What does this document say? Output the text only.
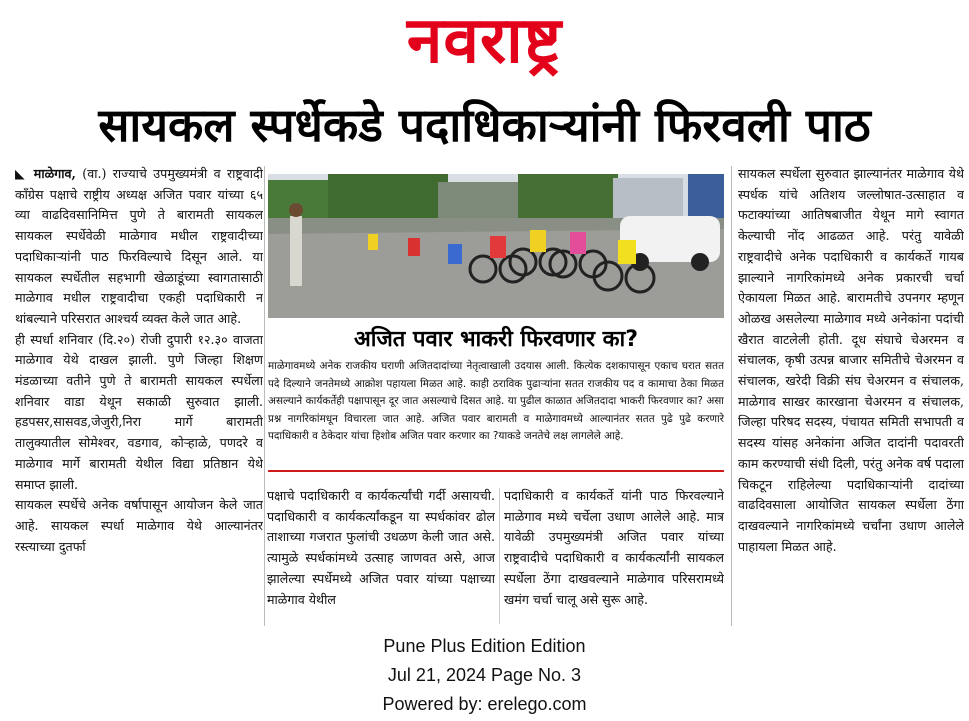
नवराष्ट्र
सायकल स्पर्धेकडे पदाधिकाऱ्यांनी फिरवली पाठ

◣ माळेगाव, (वा.) राज्याचे उपमुख्यमंत्री व राष्ट्रवादी काँग्रेस पक्षाचे राष्ट्रीय अध्यक्ष अजित पवार यांच्या ६५ व्या वाढदिवसानिमित्त पुणे ते बारामती सायकल सायकल स्पर्धेवेळी माळेगाव मधील राष्ट्रवादीच्या पदाधिकाऱ्यांनी पाठ फिरविल्याचे दिसून आले. या सायकल स्पर्धेतील सहभागी खेळाडूंच्या स्वागतासाठी माळेगाव मधील राष्ट्रवादीचा एकही पदाधिकारी न थांबल्याने परिसरात आश्चर्य व्यक्त केले जात आहे.

ही स्पर्धा शनिवार (दि.२०) रोजी दुपारी १२.३० वाजता माळेगाव येथे दाखल झाली. पुणे जिल्हा शिक्षण मंडळाच्या वतीने पुणे ते बारामती सायकल स्पर्धेला शनिवार वाडा येथून सकाळी सुरुवात झाली. हडपसर,सासवड,जेजुरी,निरा मार्गे बारामती तालुक्यातील सोमेश्वर, वडगाव, कोऱ्हाळे, पणदरे व माळेगाव मार्गे बारामती येथील विद्या प्रतिष्ठान येथे समाप्त झाली.

सायकल स्पर्धेचे अनेक वर्षापासून आयोजन केले जात आहे. सायकल स्पर्धा माळेगाव येथे आल्यानंतर रस्त्याच्या दुतर्फा

अजित पवार भाकरी फिरवणार का?
माळेगावमध्ये अनेक राजकीय घराणी अजितदादांच्या नेतृत्वाखाली उदयास आली. कित्येक दशकापासून एकाच घरात सतत पदे दिल्याने जनतेमध्ये आक्रोश पहायला मिळत आहे. काही ठराविक पुढाऱ्यांना सतत राजकीय पद व कामाचा ठेका मिळत असल्याने कार्यकर्तेही पक्षापासून दूर जात असल्याचे दिसत आहे. या पुढील काळात अजितदादा भाकरी फिरवणार का? असा प्रश्न नागरिकांमधून विचारला जात आहे. अजित पवार बारामती व माळेगावमध्ये आल्यानंतर सतत पुढे पुढे करणारे पदाधिकारी व ठेकेदार यांचा हिशोब अजित पवार करणार का ?याकडे जनतेचे लक्ष लागलेले आहे.

पक्षाचे पदाधिकारी व कार्यकर्त्यांची गर्दी असायची. पदाधिकारी व कार्यकर्त्यांकडून या स्पर्धकांवर ढोल ताशाच्या गजरात फुलांची उधळण केली जात असे. त्यामुळे स्पर्धकांमध्ये उत्साह जाणवत असे, आज झालेल्या स्पर्धेमध्ये अजित पवार यांच्या पक्षाच्या माळेगाव येथील

पदाधिकारी व कार्यकर्ते यांनी पाठ फिरवल्याने माळेगाव मध्ये चर्चेला उधाण आलेले आहे. मात्र यावेळी उपमुख्यमंत्री अजित पवार यांच्या राष्ट्रवादीचे पदाधिकारी व कार्यकर्त्यांनी सायकल स्पर्धेला ठेंगा दाखवल्याने माळेगाव परिसरामध्ये खमंग चर्चा चालू असे सुरू आहे.

सायकल स्पर्धेला सुरुवात झाल्यानंतर माळेगाव येथे स्पर्धक यांचे अतिशय जल्लोषात-उत्साहात व फटाक्यांच्या आतिषबाजीत येथून मागे स्वागत केल्याची नोंद आढळत आहे. परंतु यावेळी राष्ट्रवादीचे अनेक पदाधिकारी व कार्यकर्ते गायब झाल्याने नागरिकांमध्ये अनेक प्रकारची चर्चा ऐकायला मिळत आहे. बारामतीचे उपनगर म्हणून ओळख असलेल्या माळेगाव मध्ये अनेकांना पदांची खैरात वाटलेली होती. दूध संघाचे चेअरमन व संचालक, कृषी उत्पन्न बाजार समितीचे चेअरमन व संचालक, खरेदी विक्री संघ चेअरमन व संचालक, माळेगाव साखर कारखाना चेअरमन व संचालक, जिल्हा परिषद सदस्य, पंचायत समिती सभापती व सदस्य यांसह अनेकांना अजित दादांनी पदावरती काम करण्याची संधी दिली, परंतु अनेक वर्ष पदाला चिकटून राहिलेल्या पदाधिकाऱ्यांनी दादांच्या वाढदिवसाला आयोजित सायकल स्पर्धेला ठेंगा दाखवल्याने नागरिकांमध्ये चर्चांना उधाण आलेले पाहायला मिळत आहे.

Pune Plus Edition Edition
Jul 21, 2024 Page No. 3
Powered by: erelego.com
